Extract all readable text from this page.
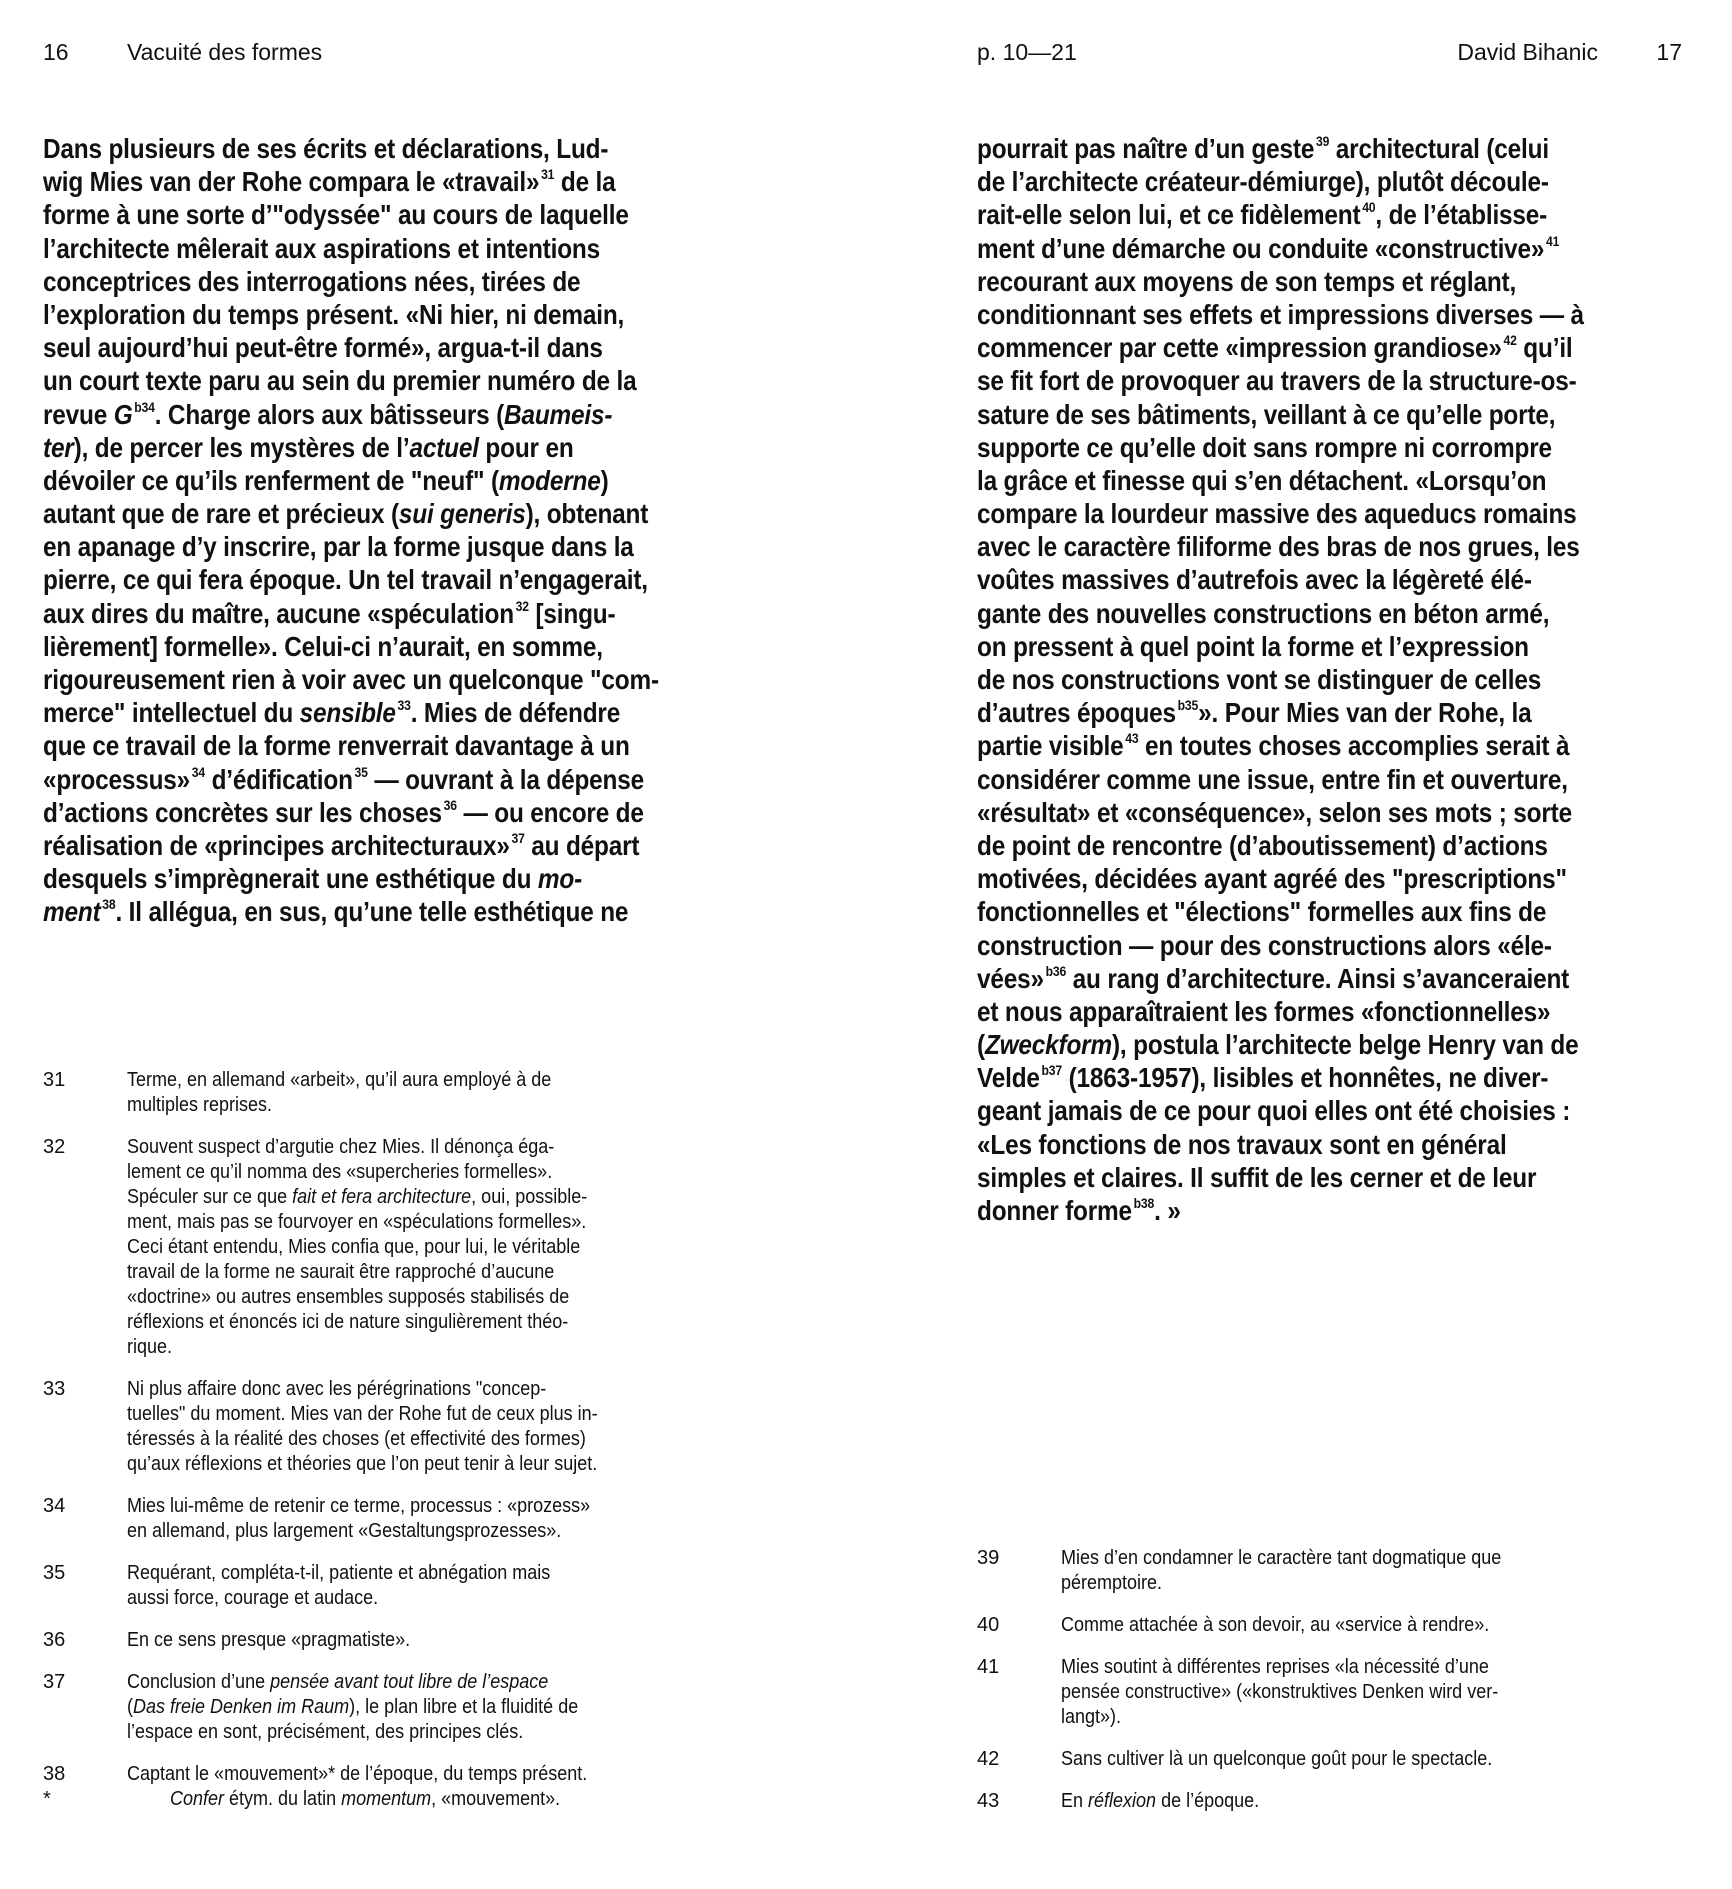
16	Vacuité des formes	p. 10—21	David Bihanic	17
Dans plusieurs de ses écrits et déclarations, Lud-
wig Mies van der Rohe compara le «travail» $^{31}$ de la
forme à une sorte d’"odyssée" au cours de laquelle
l’architecte mêlerait aux aspirations et intentions
conceptrices des interrogations nées, tirées de
l’exploration du temps présent. «Ni hier, ni demain,
seul aujourd’hui peut-être formé», argua-t-il dans
un court texte paru au sein du premier numéro de la
revue G $^{b34}$. Charge alors aux bâtisseurs (Baumeis-
ter), de percer les mystères de l’actuel pour en
dévoiler ce qu’ils renferment de "neuf" (moderne)
autant que de rare et précieux (sui generis), obtenant
en apanage d’y inscrire, par la forme jusque dans la
pierre, ce qui fera époque. Un tel travail n’engagerait,
aux dires du maître, aucune «spéculation $^{32}$ [singu-
lièrement] formelle». Celui-ci n’aurait, en somme,
rigoureusement rien à voir avec un quelconque "com-
merce" intellectuel du sensible $^{33}$. Mies de défendre
que ce travail de la forme renverrait davantage à un
«processus» $^{34}$ d’édification $^{35}$ — ouvrant à la dépense
d’actions concrètes sur les choses $^{36}$ — ou encore de
réalisation de «principes architecturaux» $^{37}$ au départ
desquels s’imprègnerait une esthétique du mo-
ment $^{38}$. Il allégua, en sus, qu’une telle esthétique ne
pourrait pas naître d’un geste $^{39}$ architectural (celui
de l’architecte créateur-démiurge), plutôt découle-
rait-elle selon lui, et ce fidèlement $^{40}$, de l’établisse-
ment d’une démarche ou conduite «constructive» $^{41}$
recourant aux moyens de son temps et réglant,
conditionnant ses effets et impressions diverses — à
commencer par cette «impression grandiose» $^{42}$ qu’il
se fit fort de provoquer au travers de la structure-os-
sature de ses bâtiments, veillant à ce qu’elle porte,
supporte ce qu’elle doit sans rompre ni corrompre
la grâce et finesse qui s’en détachent. «Lorsqu’on
compare la lourdeur massive des aqueducs romains
avec le caractère filiforme des bras de nos grues, les
voûtes massives d’autrefois avec la légèreté élé-
gante des nouvelles constructions en béton armé,
on pressent à quel point la forme et l’expression
de nos constructions vont se distinguer de celles
d’autres époques $^{b35}$». Pour Mies van der Rohe, la
partie visible $^{43}$ en toutes choses accomplies serait à
considérer comme une issue, entre fin et ouverture,
«résultat» et «conséquence», selon ses mots ; sorte
de point de rencontre (d’aboutissement) d’actions
motivées, décidées ayant agréé des "prescriptions"
fonctionnelles et "élections" formelles aux fins de
construction — pour des constructions alors «éle-
vées» $^{b36}$ au rang d’architecture. Ainsi s’avanceraient
et nous apparaîtraient les formes «fonctionnelles»
(Zweckform), postula l’architecte belge Henry van de
Velde $^{b37}$ (1863-1957), lisibles et honnêtes, ne diver-
geant jamais de ce pour quoi elles ont été choisies :
«Les fonctions de nos travaux sont en général
simples et claires. Il suffit de les cerner et de leur
donner forme $^{b38}$. »
31	Terme, en allemand «arbeit», qu’il aura employé à de
multiples reprises.
32	Souvent suspect d’argutie chez Mies. Il dénonça éga-
lement ce qu’il nomma des «supercheries formelles».
Spéculer sur ce que fait et fera architecture, oui, possible-
ment, mais pas se fourvoyer en «spéculations formelles».
Ceci étant entendu, Mies confia que, pour lui, le véritable
travail de la forme ne saurait être rapproché d’aucune
«doctrine» ou autres ensembles supposés stabilisés de
réflexions et énoncés ici de nature singulièrement théo-
rique.
33	Ni plus affaire donc avec les pérégrinations "concep-
tuelles" du moment. Mies van der Rohe fut de ceux plus in-
téressés à la réalité des choses (et effectivité des formes)
qu’aux réflexions et théories que l’on peut tenir à leur sujet.
34	Mies lui-même de retenir ce terme, processus : «prozess»
en allemand, plus largement «Gestaltungsprozesses».
35	Requérant, compléta-t-il, patiente et abnégation mais
aussi force, courage et audace.
36	En ce sens presque «pragmatiste».
37	Conclusion d’une pensée avant tout libre de l’espace
(Das freie Denken im Raum), le plan libre et la fluidité de
l’espace en sont, précisément, des principes clés.
38	Captant le «mouvement»* de l’époque, du temps présent.
*	Confer étym. du latin momentum, «mouvement».
39	Mies d’en condamner le caractère tant dogmatique que
péremptoire.
40	Comme attachée à son devoir, au «service à rendre».
41	Mies soutint à différentes reprises «la nécessité d’une
pensée constructive» («konstruktives Denken wird ver-
langt»).
42	Sans cultiver là un quelconque goût pour le spectacle.
43	En réflexion de l’époque.
